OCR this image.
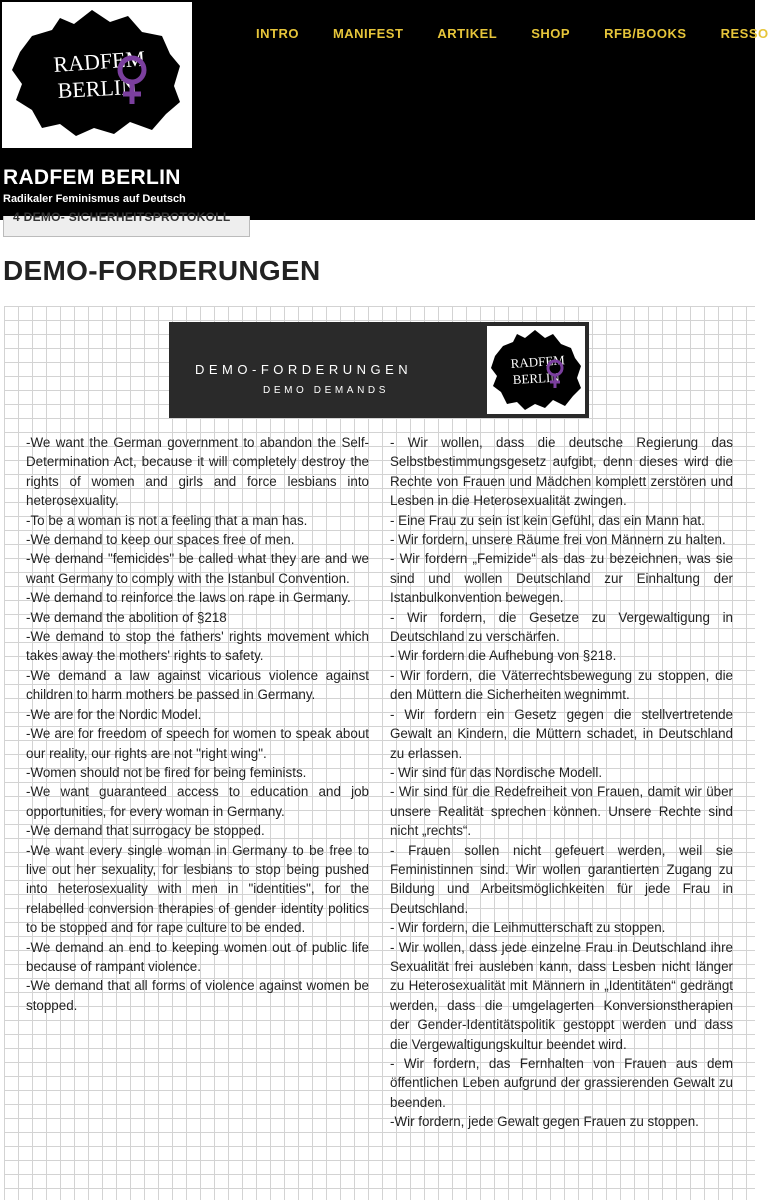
RADFEM
BERLIN
INTRO	MANIFEST	ARTIKEL	SHOP	RFB/BOOKS	RESSO
RADFEM BERLIN
Radikaler Feminismus auf Deutsch
4 DEMO- SICHERHEITSPROTOKOLL
DEMO-FORDERUNGEN
DEMO-FORDERUNGEN
DEMO DEMANDS
RADFEM
BERLIN

-We want the German government to abandon the Self-Determination Act, because it will completely destroy the rights of women and girls and force lesbians into heterosexuality.

-To be a woman is not a feeling that a man has.

-We demand to keep our spaces free of men.

-We demand "femicides" be called what they are and we want Germany to comply with the Istanbul Convention.

-We demand to reinforce the laws on rape in Germany.

-We demand the abolition of §218

-We demand to stop the fathers' rights movement which takes away the mothers' rights to safety.

-We demand a law against vicarious violence against children to harm mothers be passed in Germany.

-We are for the Nordic Model.

-We are for freedom of speech for women to speak about our reality, our rights are not "right wing".

-Women should not be fired for being feminists.

-We want guaranteed access to education and job opportunities, for every woman in Germany.

-We demand that surrogacy be stopped.

-We want every single woman in Germany to be free to live out her sexuality, for lesbians to stop being pushed into heterosexuality with men in "identities", for the relabelled conversion therapies of gender identity politics to be stopped and for rape culture to be ended.

-We demand an end to keeping women out of public life because of rampant violence.

-We demand that all forms of violence against women be stopped.

- Wir wollen, dass die deutsche Regierung das Selbstbestimmungsgesetz aufgibt, denn dieses wird die Rechte von Frauen und Mädchen komplett zerstören und Lesben in die Heterosexualität zwingen.

- Eine Frau zu sein ist kein Gefühl, das ein Mann hat.

- Wir fordern, unsere Räume frei von Männern zu halten.

- Wir fordern „Femizide“ als das zu bezeichnen, was sie sind und wollen Deutschland zur Einhaltung der Istanbulkonvention bewegen.

- Wir fordern, die Gesetze zu Vergewaltigung in Deutschland zu verschärfen.

- Wir fordern die Aufhebung von §218.

- Wir fordern, die Väterrechtsbewegung zu stoppen, die den Müttern die Sicherheiten wegnimmt.

- Wir fordern ein Gesetz gegen die stellvertretende Gewalt an Kindern, die Müttern schadet, in Deutschland zu erlassen.

- Wir sind für das Nordische Modell.

- Wir sind für die Redefreiheit von Frauen, damit wir über unsere Realität sprechen können. Unsere Rechte sind nicht „rechts“.

- Frauen sollen nicht gefeuert werden, weil sie Feministinnen sind. Wir wollen garantierten Zugang zu Bildung und Arbeitsmöglichkeiten für jede Frau in Deutschland.

- Wir fordern, die Leihmutterschaft zu stoppen.

- Wir wollen, dass jede einzelne Frau in Deutschland ihre Sexualität frei ausleben kann, dass Lesben nicht länger zu Heterosexualität mit Männern in „Identitäten“ gedrängt werden, dass die umgelagerten Konversionstherapien der Gender-Identitätspolitik gestoppt werden und dass die Vergewaltigungskultur beendet wird.

- Wir fordern, das Fernhalten von Frauen aus dem öffentlichen Leben aufgrund der grassierenden Gewalt zu beenden.

-Wir fordern, jede Gewalt gegen Frauen zu stoppen.
